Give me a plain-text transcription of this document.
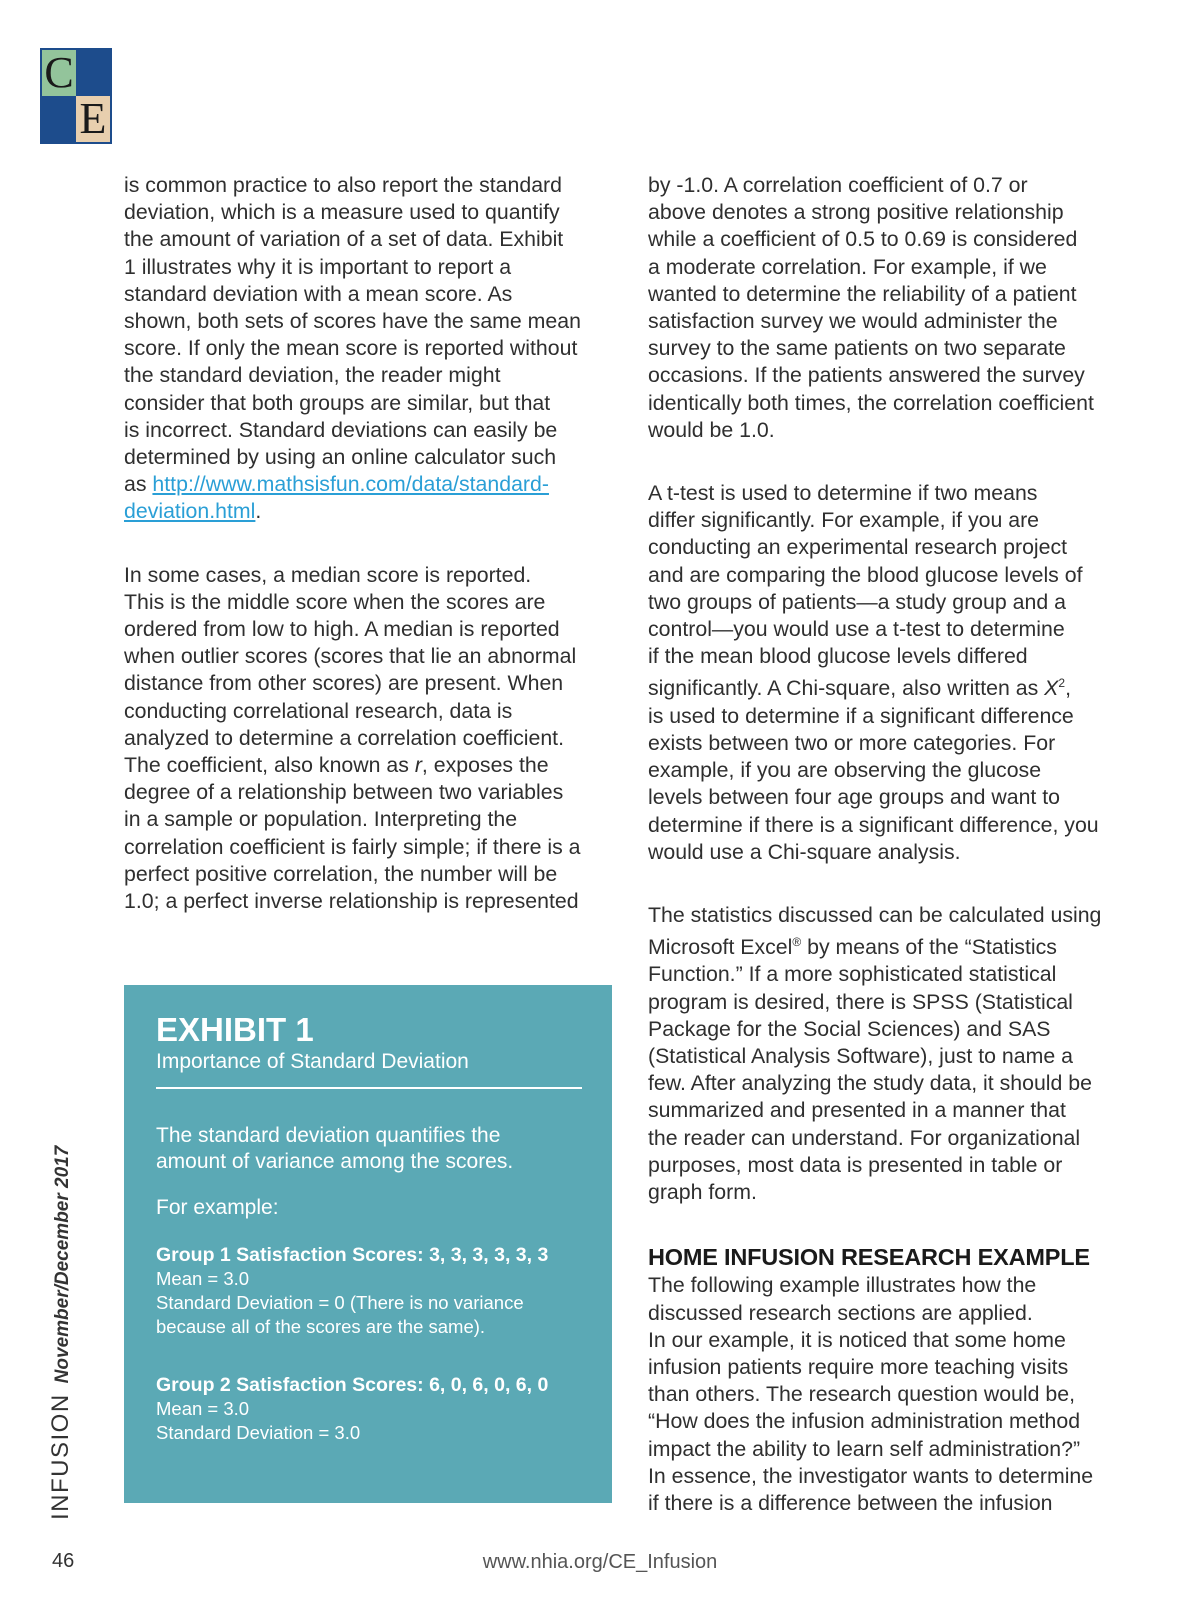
C
E

is common practice to also report the standard
deviation, which is a measure used to quantify
the amount of variation of a set of data. Exhibit
1 illustrates why it is important to report a
standard deviation with a mean score. As
shown, both sets of scores have the same mean
score. If only the mean score is reported without
the standard deviation, the reader might
consider that both groups are similar, but that
is incorrect. Standard deviations can easily be
determined by using an online calculator such
as http://www.mathsisfun.com/data/standard-
deviation.html.

In some cases, a median score is reported.
This is the middle score when the scores are
ordered from low to high. A median is reported
when outlier scores (scores that lie an abnormal
distance from other scores) are present. When
conducting correlational research, data is
analyzed to determine a correlation coefficient.
The coefficient, also known as r, exposes the
degree of a relationship between two variables
in a sample or population. Interpreting the
correlation coefficient is fairly simple; if there is a
perfect positive correlation, the number will be
1.0; a perfect inverse relationship is represented

EXHIBIT 1
Importance of Standard Deviation
The standard deviation quantifies the
amount of variance among the scores.
For example:
Group 1 Satisfaction Scores: 3, 3, 3, 3, 3, 3
Mean = 3.0
Standard Deviation = 0 (There is no variance
because all of the scores are the same).
Group 2 Satisfaction Scores: 6, 0, 6, 0, 6, 0
Mean = 3.0
Standard Deviation = 3.0

by -1.0. A correlation coefficient of 0.7 or
above denotes a strong positive relationship
while a coefficient of 0.5 to 0.69 is considered
a moderate correlation. For example, if we
wanted to determine the reliability of a patient
satisfaction survey we would administer the
survey to the same patients on two separate
occasions. If the patients answered the survey
identically both times, the correlation coefficient
would be 1.0.

A t-test is used to determine if two means
differ significantly. For example, if you are
conducting an experimental research project
and are comparing the blood glucose levels of
two groups of patients—a study group and a
control—you would use a t-test to determine
if the mean blood glucose levels differed
significantly. A Chi-square, also written as $X^2$,
is used to determine if a significant difference
exists between two or more categories. For
example, if you are observing the glucose
levels between four age groups and want to
determine if there is a significant difference, you
would use a Chi-square analysis.

The statistics discussed can be calculated using
Microsoft Excel® by means of the “Statistics
Function.” If a more sophisticated statistical
program is desired, there is SPSS (Statistical
Package for the Social Sciences) and SAS
(Statistical Analysis Software), just to name a
few. After analyzing the study data, it should be
summarized and presented in a manner that
the reader can understand. For organizational
purposes, most data is presented in table or
graph form.

HOME INFUSION RESEARCH EXAMPLE

The following example illustrates how the
discussed research sections are applied.
In our example, it is noticed that some home
infusion patients require more teaching visits
than others. The research question would be,
“How does the infusion administration method
impact the ability to learn self administration?”
In essence, the investigator wants to determine
if there is a difference between the infusion

INFUSIONNovember/December 2017
46	www.nhia.org/CE_Infusion
